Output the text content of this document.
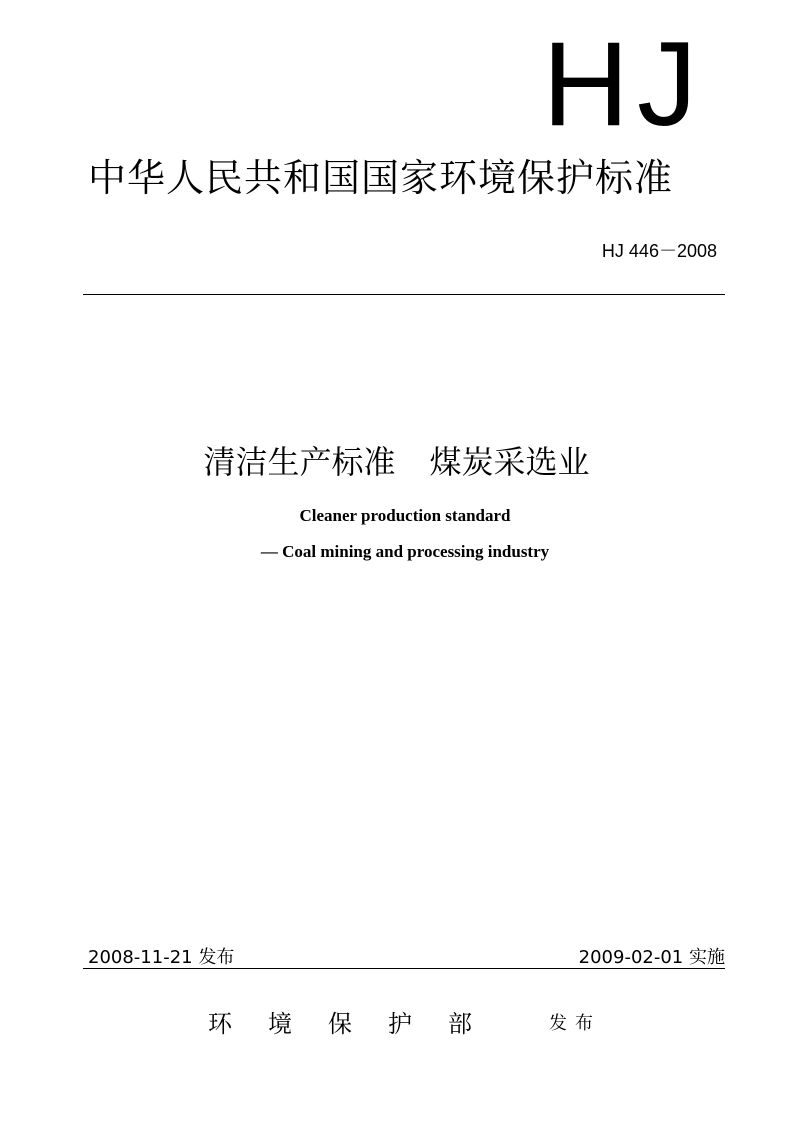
HJ
中华人民共和国国家环境保护标准
HJ 446－2008
清洁生产标准 煤炭采选业
Cleaner production standard
— Coal mining and processing industry
2008-11-21 发布	2009-02-01 实施
环境保护部 发布
